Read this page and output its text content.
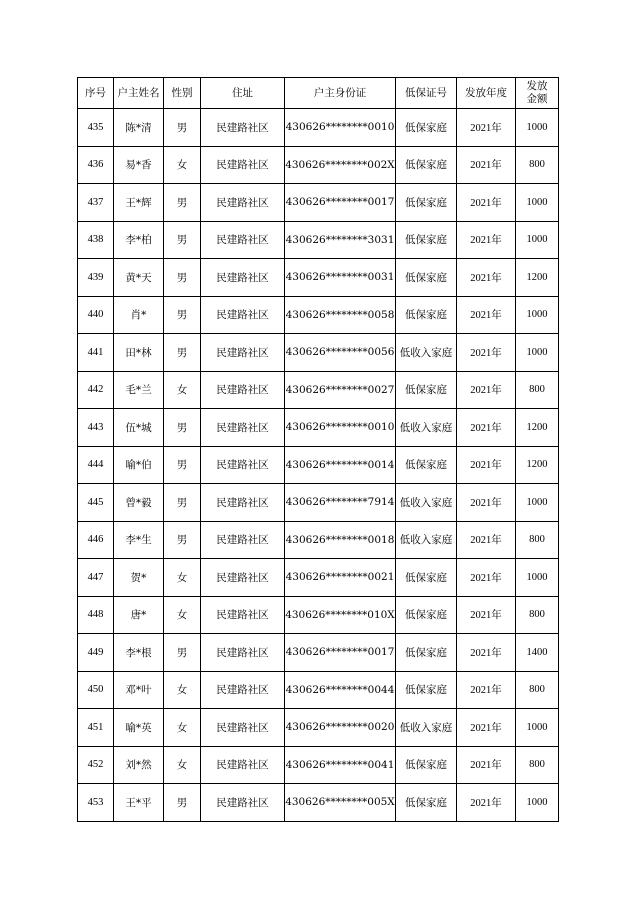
序号	户主姓名	性别	住址	户主身份证	低保证号	发放年度	发放
金额

435	陈*清	男	民建路社区	430626********0010	低保家庭	2021年	1000
436	易*香	女	民建路社区	430626********002X	低保家庭	2021年	800
437	王*辉	男	民建路社区	430626********0017	低保家庭	2021年	1000
438	李*柏	男	民建路社区	430626********3031	低保家庭	2021年	1000
439	黄*天	男	民建路社区	430626********0031	低保家庭	2021年	1200
440	肖*	男	民建路社区	430626********0058	低保家庭	2021年	1000
441	田*林	男	民建路社区	430626********0056	低收入家庭	2021年	1000
442	毛*兰	女	民建路社区	430626********0027	低保家庭	2021年	800
443	伍*城	男	民建路社区	430626********0010	低收入家庭	2021年	1200
444	喻*伯	男	民建路社区	430626********0014	低保家庭	2021年	1200
445	曾*毅	男	民建路社区	430626********7914	低收入家庭	2021年	1000
446	李*生	男	民建路社区	430626********0018	低收入家庭	2021年	800
447	贺*	女	民建路社区	430626********0021	低保家庭	2021年	1000
448	唐*	女	民建路社区	430626********010X	低保家庭	2021年	800
449	李*根	男	民建路社区	430626********0017	低保家庭	2021年	1400
450	邓*叶	女	民建路社区	430626********0044	低保家庭	2021年	800
451	喻*英	女	民建路社区	430626********0020	低收入家庭	2021年	1000
452	刘*然	女	民建路社区	430626********0041	低保家庭	2021年	800
453	王*平	男	民建路社区	430626********005X	低保家庭	2021年	1000
